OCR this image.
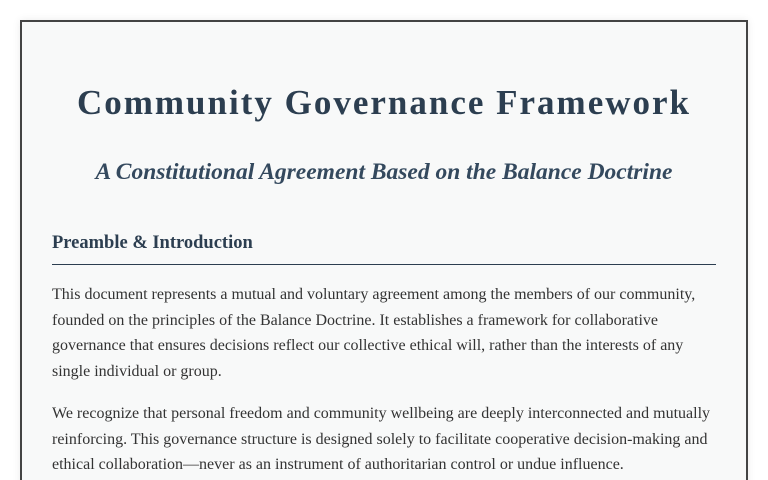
Community Governance Framework
A Constitutional Agreement Based on the Balance Doctrine
Preamble & Introduction

This document represents a mutual and voluntary agreement among the members of our community, founded on the principles of the Balance Doctrine. It establishes a framework for collaborative governance that ensures decisions reflect our collective ethical will, rather than the interests of any single individual or group.

We recognize that personal freedom and community wellbeing are deeply interconnected and mutually reinforcing. This governance structure is designed solely to facilitate cooperative decision-making and ethical collaboration—never as an instrument of authoritarian control or undue influence.
